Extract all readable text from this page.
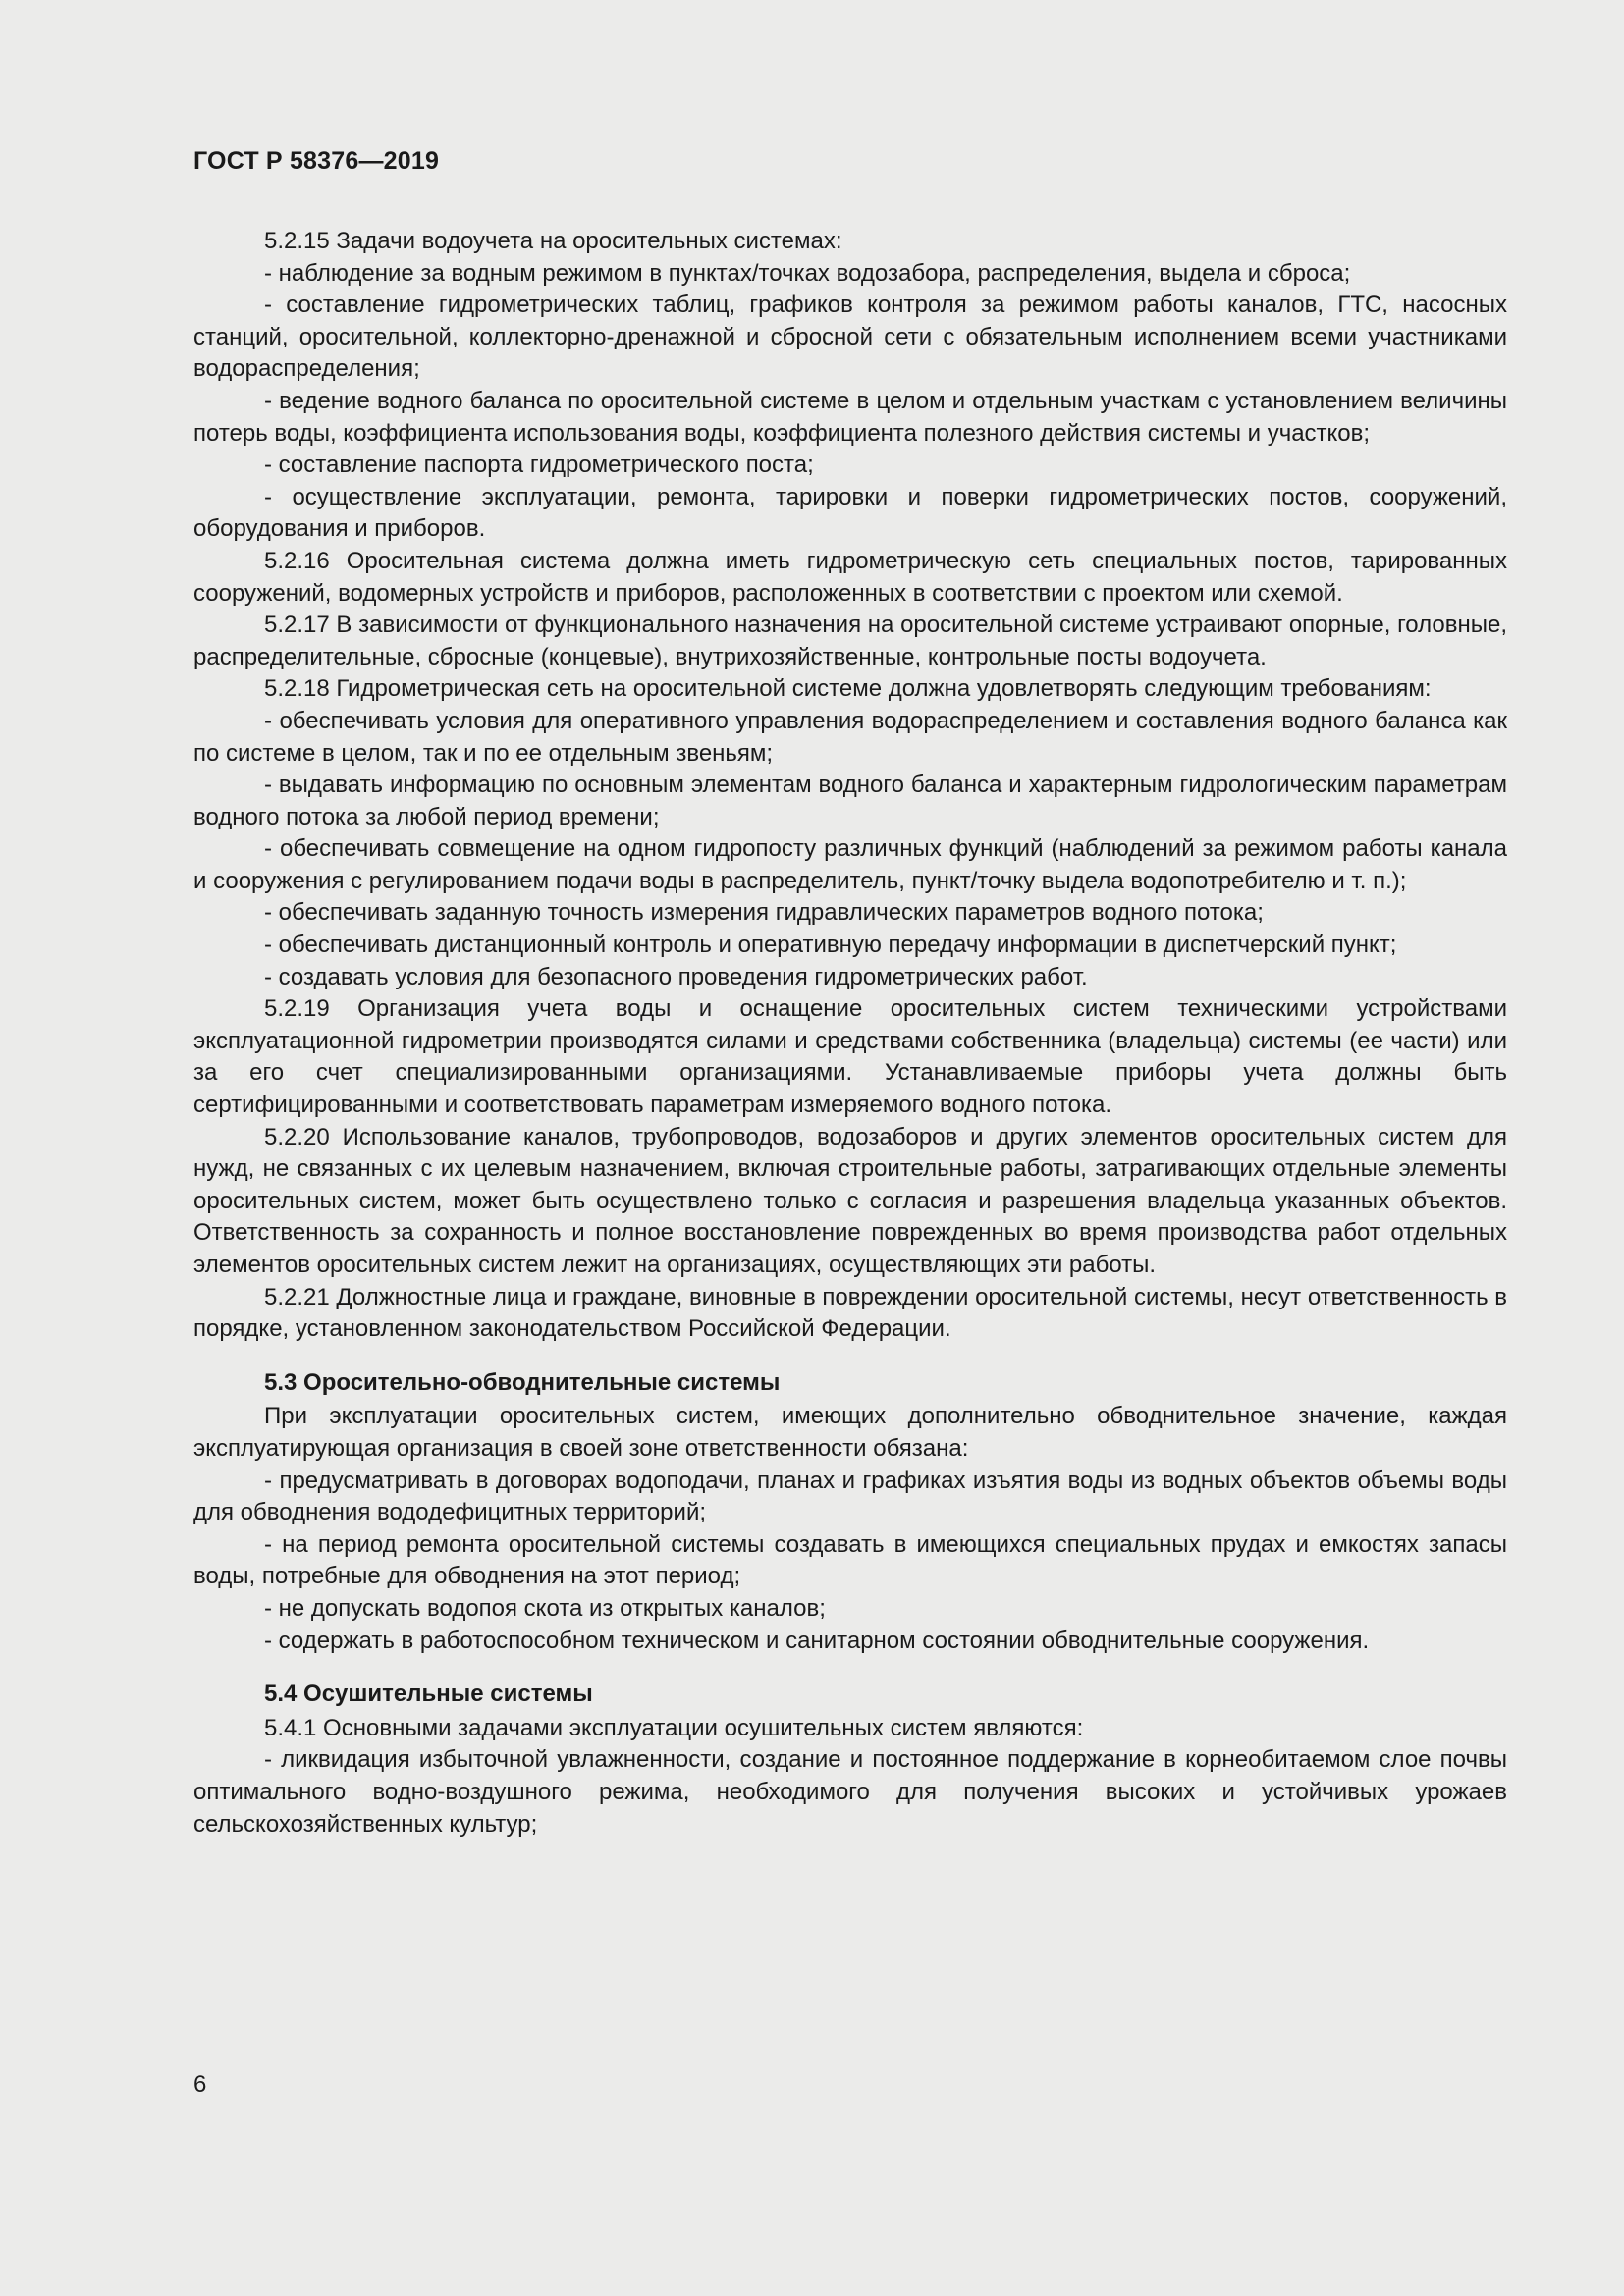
ГОСТ Р 58376—2019

5.2.15 Задачи водоучета на оросительных системах:

- наблюдение за водным режимом в пунктах/точках водозабора, распределения, выдела и сброса;

- составление гидрометрических таблиц, графиков контроля за режимом работы каналов, ГТС, насосных станций, оросительной, коллекторно-дренажной и сбросной сети с обязательным исполнением всеми участниками водораспределения;

- ведение водного баланса по оросительной системе в целом и отдельным участкам с установлением величины потерь воды, коэффициента использования воды, коэффициента полезного действия системы и участков;

- составление паспорта гидрометрического поста;

- осуществление эксплуатации, ремонта, тарировки и поверки гидрометрических постов, сооружений, оборудования и приборов.

5.2.16 Оросительная система должна иметь гидрометрическую сеть специальных постов, тарированных сооружений, водомерных устройств и приборов, расположенных в соответствии с проектом или схемой.

5.2.17 В зависимости от функционального назначения на оросительной системе устраивают опорные, головные, распределительные, сбросные (концевые), внутрихозяйственные, контрольные посты водоучета.

5.2.18 Гидрометрическая сеть на оросительной системе должна удовлетворять следующим требованиям:

- обеспечивать условия для оперативного управления водораспределением и составления водного баланса как по системе в целом, так и по ее отдельным звеньям;

- выдавать информацию по основным элементам водного баланса и характерным гидрологическим параметрам водного потока за любой период времени;

- обеспечивать совмещение на одном гидропосту различных функций (наблюдений за режимом работы канала и сооружения с регулированием подачи воды в распределитель, пункт/точку выдела водопотребителю и т. п.);

- обеспечивать заданную точность измерения гидравлических параметров водного потока;

- обеспечивать дистанционный контроль и оперативную передачу информации в диспетчерский пункт;

- создавать условия для безопасного проведения гидрометрических работ.

5.2.19 Организация учета воды и оснащение оросительных систем техническими устройствами эксплуатационной гидрометрии производятся силами и средствами собственника (владельца) системы (ее части) или за его счет специализированными организациями. Устанавливаемые приборы учета должны быть сертифицированными и соответствовать параметрам измеряемого водного потока.

5.2.20 Использование каналов, трубопроводов, водозаборов и других элементов оросительных систем для нужд, не связанных с их целевым назначением, включая строительные работы, затрагивающих отдельные элементы оросительных систем, может быть осуществлено только с согласия и разрешения владельца указанных объектов. Ответственность за сохранность и полное восстановление поврежденных во время производства работ отдельных элементов оросительных систем лежит на организациях, осуществляющих эти работы.

5.2.21 Должностные лица и граждане, виновные в повреждении оросительной системы, несут ответственность в порядке, установленном законодательством Российской Федерации.

5.3 Оросительно-обводнительные системы

При эксплуатации оросительных систем, имеющих дополнительно обводнительное значение, каждая эксплуатирующая организация в своей зоне ответственности обязана:

- предусматривать в договорах водоподачи, планах и графиках изъятия воды из водных объектов объемы воды для обводнения вододефицитных территорий;

- на период ремонта оросительной системы создавать в имеющихся специальных прудах и емкостях запасы воды, потребные для обводнения на этот период;

- не допускать водопоя скота из открытых каналов;

- содержать в работоспособном техническом и санитарном состоянии обводнительные сооружения.

5.4 Осушительные системы

5.4.1 Основными задачами эксплуатации осушительных систем являются:

- ликвидация избыточной увлажненности, создание и постоянное поддержание в корнеобитаемом слое почвы оптимального водно-воздушного режима, необходимого для получения высоких и устойчивых урожаев сельскохозяйственных культур;

6
